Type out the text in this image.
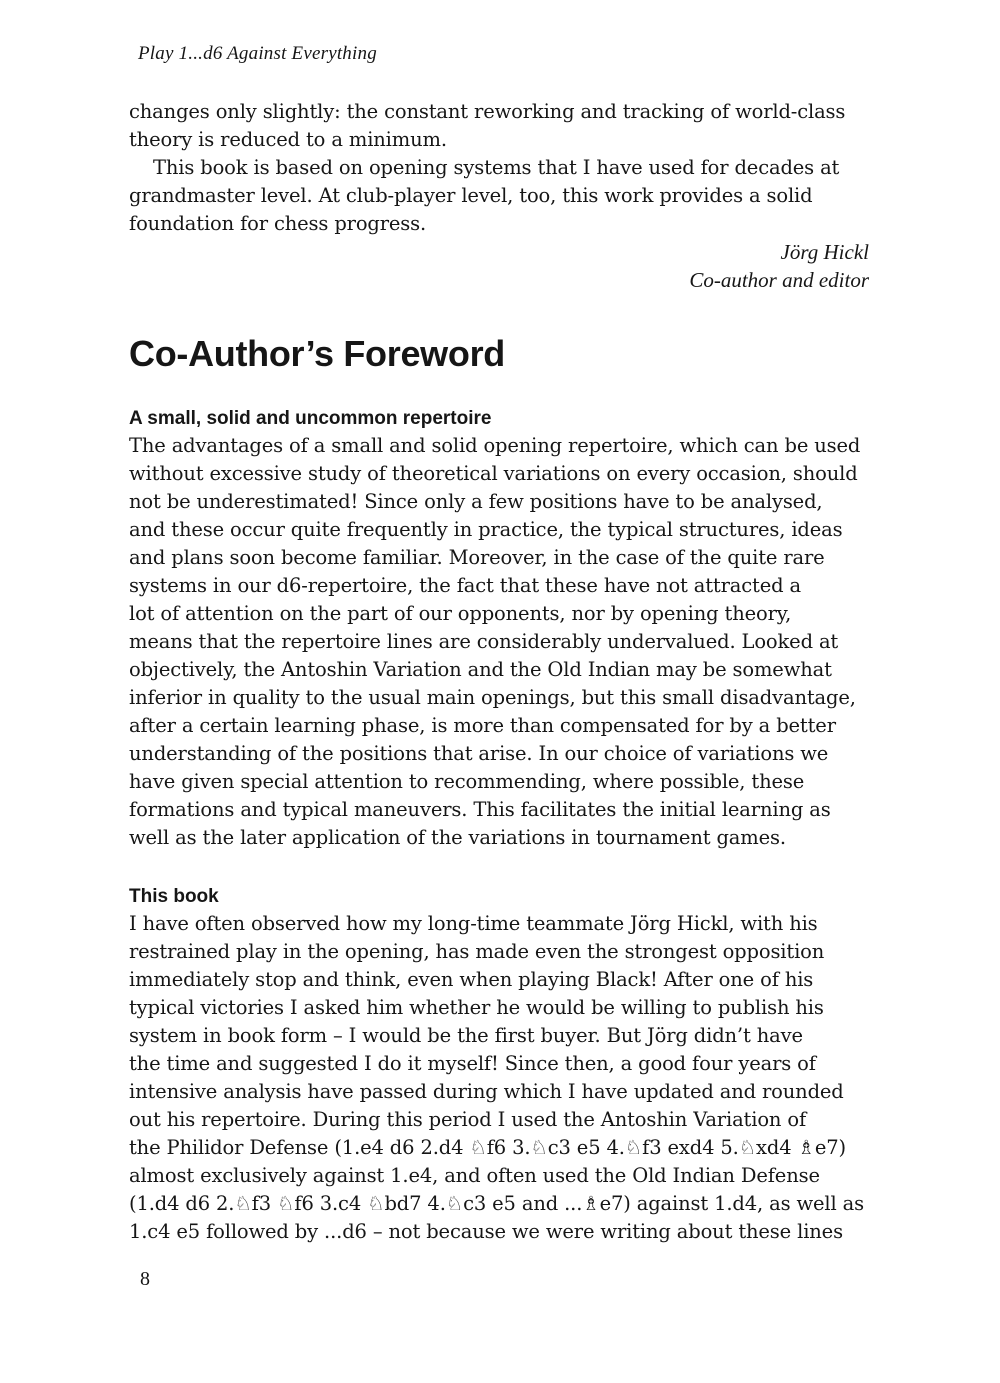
Play 1...d6 Against Everything

changes only slightly: the constant reworking and tracking of world-class
theory is reduced to a minimum.

This book is based on opening systems that I have used for decades at
grandmaster level. At club-player level, too, this work provides a solid
foundation for chess progress.

Jörg Hickl
Co-author and editor
Co-Author’s Foreword
A small, solid and uncommon repertoire

The advantages of a small and solid opening repertoire, which can be used
without excessive study of theoretical variations on every occasion, should
not be underestimated! Since only a few positions have to be analysed,
and these occur quite frequently in practice, the typical structures, ideas
and plans soon become familiar. Moreover, in the case of the quite rare
systems in our d6-repertoire, the fact that these have not attracted a
lot of attention on the part of our opponents, nor by opening theory,
means that the repertoire lines are considerably undervalued. Looked at
objectively, the Antoshin Variation and the Old Indian may be somewhat
inferior in quality to the usual main openings, but this small disadvantage,
after a certain learning phase, is more than compensated for by a better
understanding of the positions that arise. In our choice of variations we
have given special attention to recommending, where possible, these
formations and typical maneuvers. This facilitates the initial learning as
well as the later application of the variations in tournament games.

This book

I have often observed how my long-time teammate Jörg Hickl, with his
restrained play in the opening, has made even the strongest opposition
immediately stop and think, even when playing Black! After one of his
typical victories I asked him whether he would be willing to publish his
system in book form – I would be the first buyer. But Jörg didn’t have
the time and suggested I do it myself! Since then, a good four years of
intensive analysis have passed during which I have updated and rounded
out his repertoire. During this period I used the Antoshin Variation of
the Philidor Defense (1.e4 d6 2.d4 ♘f6 3.♘c3 e5 4.♘f3 exd4 5.♘xd4 ♗e7)
almost exclusively against 1.e4, and often used the Old Indian Defense
(1.d4 d6 2.♘f3 ♘f6 3.c4 ♘bd7 4.♘c3 e5 and ...♗e7) against 1.d4, as well as
1.c4 e5 followed by ...d6 – not because we were writing about these lines

8
